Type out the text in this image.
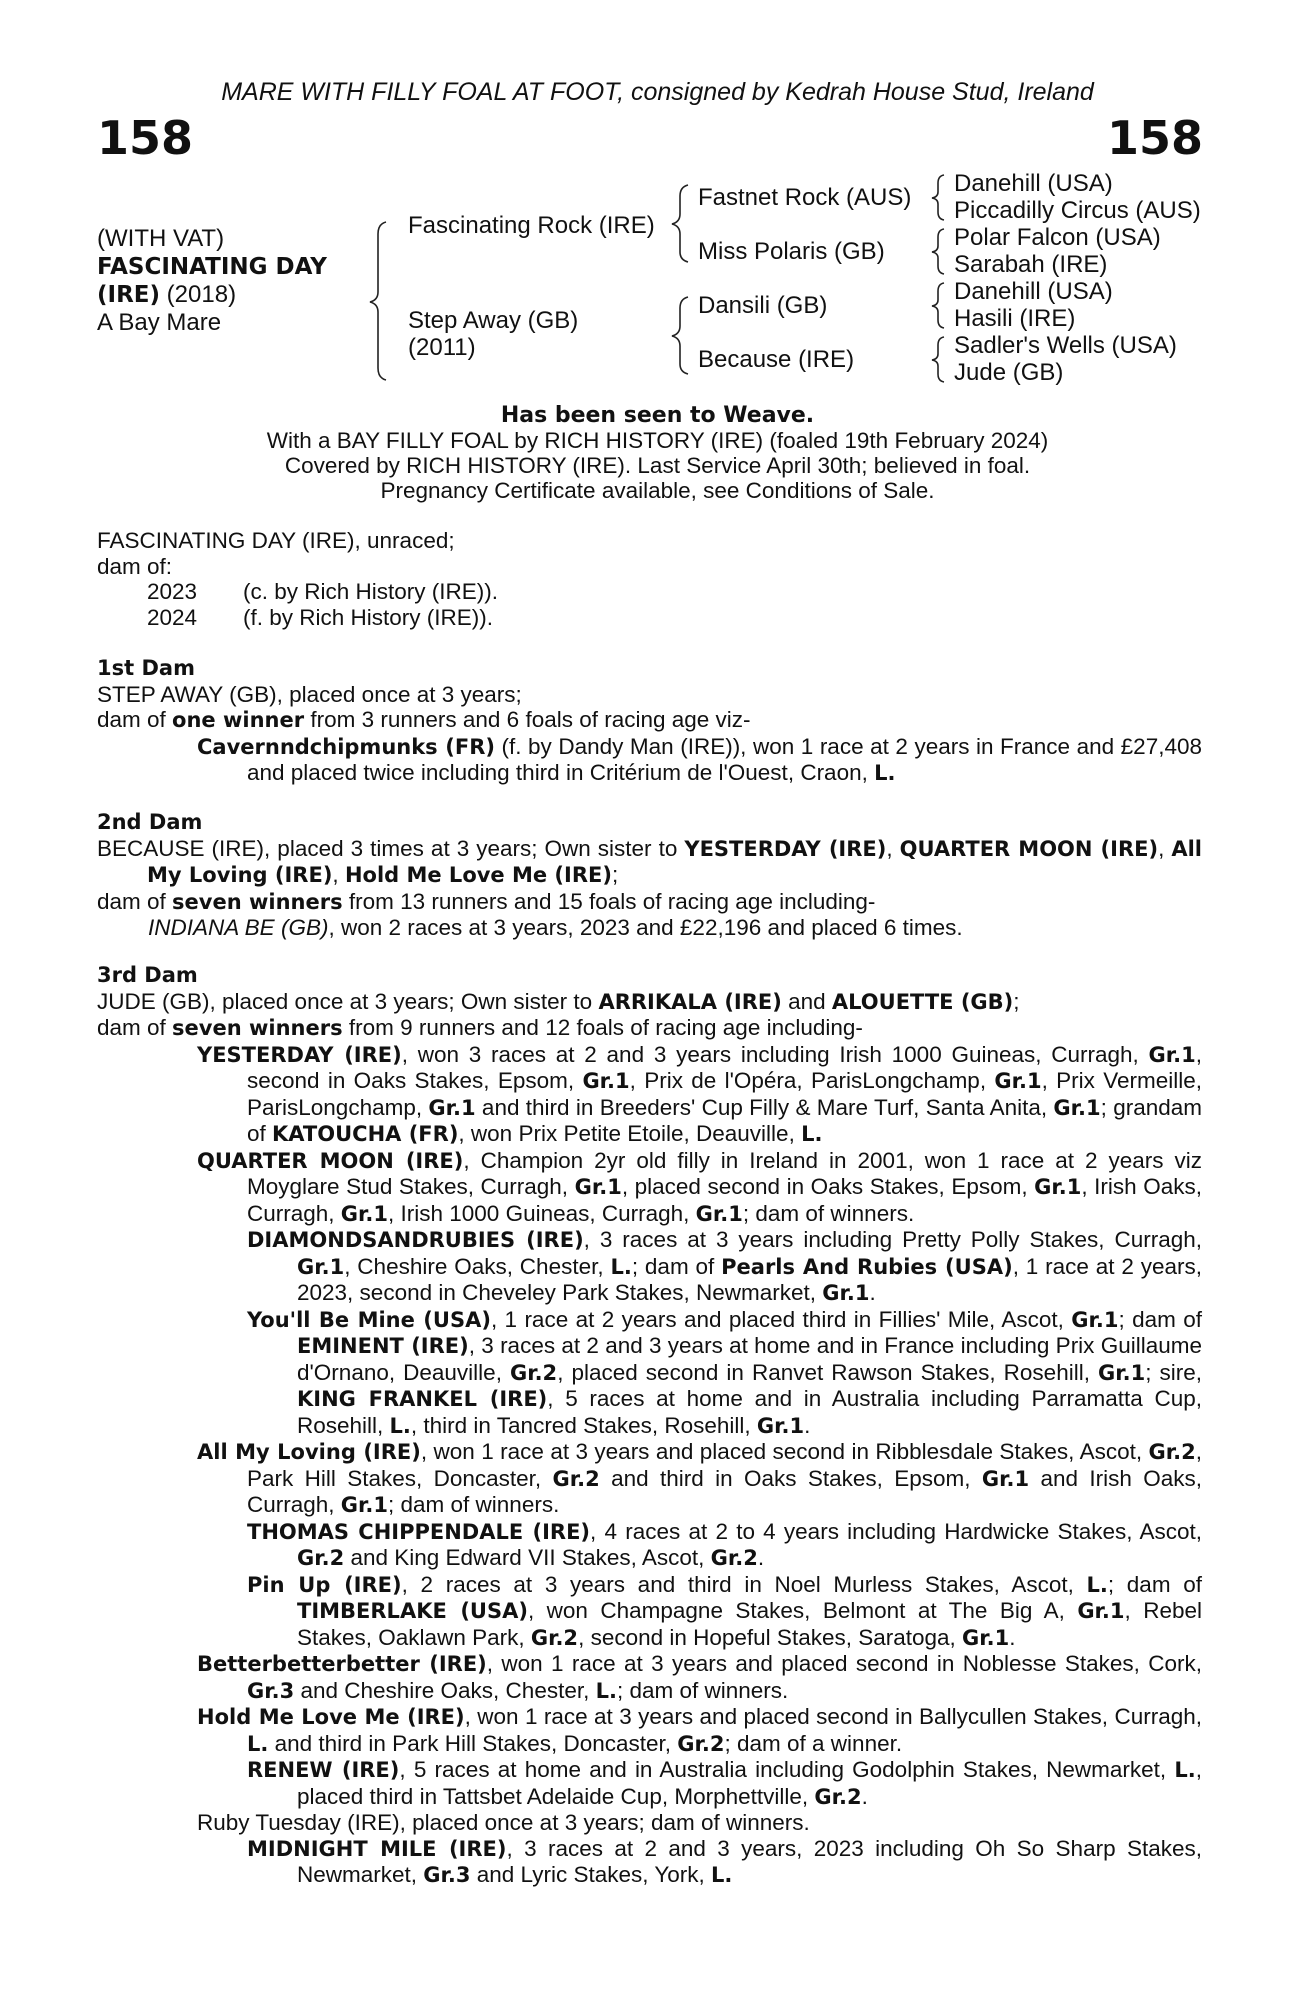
MARE WITH FILLY FOAL AT FOOT, consigned by Kedrah House Stud, Ireland
158	158
(WITH VAT)
FASCINATING DAY
(IRE) (2018)
A Bay Mare
Fascinating Rock (IRE)
Step Away (GB)
(2011)
Fastnet Rock (AUS)
Miss Polaris (GB)
Dansili (GB)
Because (IRE)
Danehill (USA)
Piccadilly Circus (AUS)
Polar Falcon (USA)
Sarabah (IRE)
Danehill (USA)
Hasili (IRE)
Sadler's Wells (USA)
Jude (GB)
Has been seen to Weave.
With a BAY FILLY FOAL by RICH HISTORY (IRE) (foaled 19th February 2024)
Covered by RICH HISTORY (IRE). Last Service April 30th; believed in foal.
Pregnancy Certificate available, see Conditions of Sale.

FASCINATING DAY (IRE), unraced;

dam of:

2023 (c. by Rich History (IRE)).

2024 (f. by Rich History (IRE)).

1st Dam

STEP AWAY (GB), placed once at 3 years;

dam of one winner from 3 runners and 6 foals of racing age viz-

Cavernndchipmunks (FR) (f. by Dandy Man (IRE)), won 1 race at 2 years in France and £27,408 and placed twice including third in Critérium de l'Ouest, Craon, L.

2nd Dam

BECAUSE (IRE), placed 3 times at 3 years; Own sister to YESTERDAY (IRE), QUARTER MOON (IRE), All My Loving (IRE), Hold Me Love Me (IRE);

dam of seven winners from 13 runners and 15 foals of racing age including-

INDIANA BE (GB), won 2 races at 3 years, 2023 and £22,196 and placed 6 times.

3rd Dam

JUDE (GB), placed once at 3 years; Own sister to ARRIKALA (IRE) and ALOUETTE (GB);

dam of seven winners from 9 runners and 12 foals of racing age including-

YESTERDAY (IRE), won 3 races at 2 and 3 years including Irish 1000 Guineas, Curragh, Gr.1, second in Oaks Stakes, Epsom, Gr.1, Prix de l'Opéra, ParisLongchamp, Gr.1, Prix Vermeille, ParisLongchamp, Gr.1 and third in Breeders' Cup Filly & Mare Turf, Santa Anita, Gr.1; grandam of KATOUCHA (FR), won Prix Petite Etoile, Deauville, L.

QUARTER MOON (IRE), Champion 2yr old filly in Ireland in 2001, won 1 race at 2 years viz Moyglare Stud Stakes, Curragh, Gr.1, placed second in Oaks Stakes, Epsom, Gr.1, Irish Oaks, Curragh, Gr.1, Irish 1000 Guineas, Curragh, Gr.1; dam of winners.

DIAMONDSANDRUBIES (IRE), 3 races at 3 years including Pretty Polly Stakes, Curragh, Gr.1, Cheshire Oaks, Chester, L.; dam of Pearls And Rubies (USA), 1 race at 2 years, 2023, second in Cheveley Park Stakes, Newmarket, Gr.1.

You'll Be Mine (USA), 1 race at 2 years and placed third in Fillies' Mile, Ascot, Gr.1; dam of EMINENT (IRE), 3 races at 2 and 3 years at home and in France including Prix Guillaume d'Ornano, Deauville, Gr.2, placed second in Ranvet Rawson Stakes, Rosehill, Gr.1; sire, KING FRANKEL (IRE), 5 races at home and in Australia including Parramatta Cup, Rosehill, L., third in Tancred Stakes, Rosehill, Gr.1.

All My Loving (IRE), won 1 race at 3 years and placed second in Ribblesdale Stakes, Ascot, Gr.2, Park Hill Stakes, Doncaster, Gr.2 and third in Oaks Stakes, Epsom, Gr.1 and Irish Oaks, Curragh, Gr.1; dam of winners.

THOMAS CHIPPENDALE (IRE), 4 races at 2 to 4 years including Hardwicke Stakes, Ascot, Gr.2 and King Edward VII Stakes, Ascot, Gr.2.

Pin Up (IRE), 2 races at 3 years and third in Noel Murless Stakes, Ascot, L.; dam of TIMBERLAKE (USA), won Champagne Stakes, Belmont at The Big A, Gr.1, Rebel Stakes, Oaklawn Park, Gr.2, second in Hopeful Stakes, Saratoga, Gr.1.

Betterbetterbetter (IRE), won 1 race at 3 years and placed second in Noblesse Stakes, Cork, Gr.3 and Cheshire Oaks, Chester, L.; dam of winners.

Hold Me Love Me (IRE), won 1 race at 3 years and placed second in Ballycullen Stakes, Curragh, L. and third in Park Hill Stakes, Doncaster, Gr.2; dam of a winner.

RENEW (IRE), 5 races at home and in Australia including Godolphin Stakes, Newmarket, L., placed third in Tattsbet Adelaide Cup, Morphettville, Gr.2.

Ruby Tuesday (IRE), placed once at 3 years; dam of winners.

MIDNIGHT MILE (IRE), 3 races at 2 and 3 years, 2023 including Oh So Sharp Stakes, Newmarket, Gr.3 and Lyric Stakes, York, L.
